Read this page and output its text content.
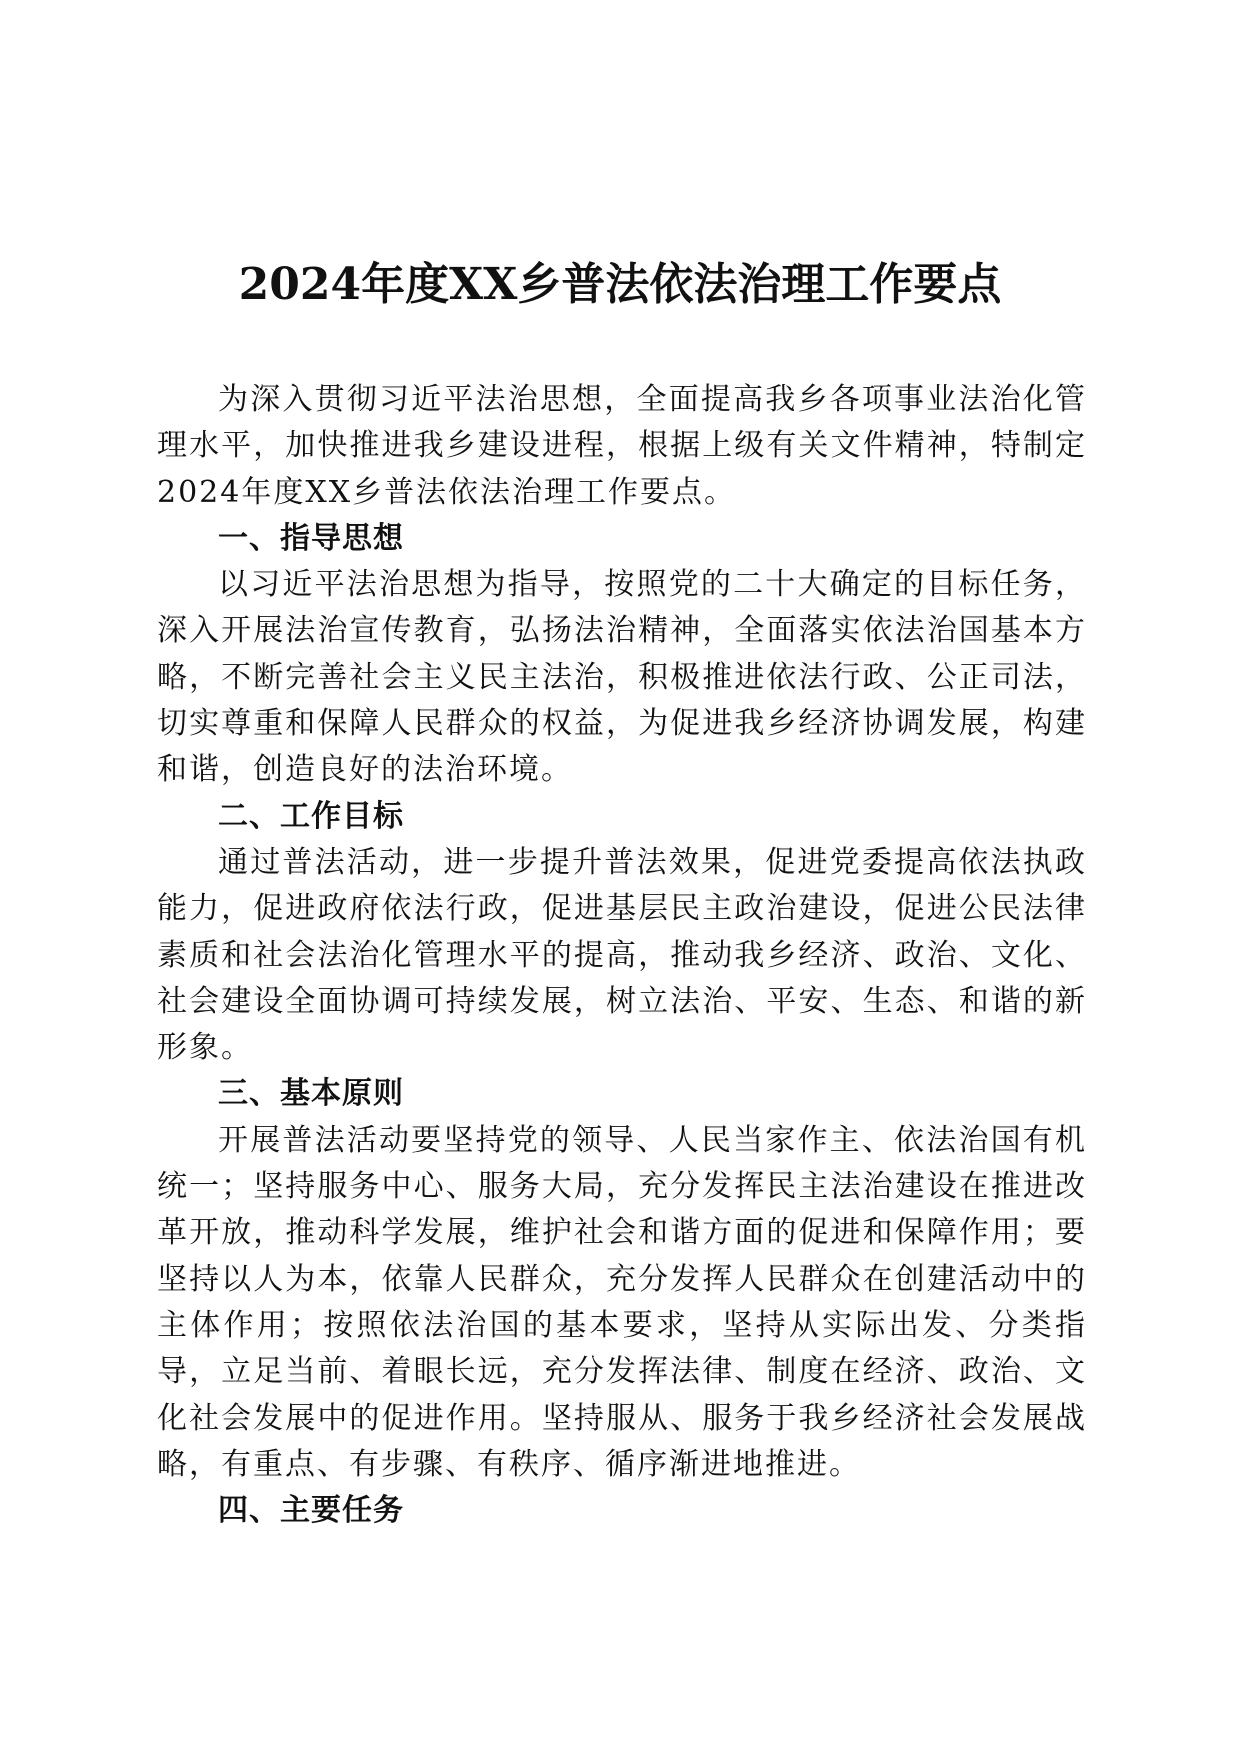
2024年度XX乡普法依法治理工作要点

为深入贯彻习近平法治思想，全面提高我乡各项事业法治化管理水平，加快推进我乡建设进程，根据上级有关文件精神，特制定2024年度XX乡普法依法治理工作要点。

一、指导思想

以习近平法治思想为指导，按照党的二十大确定的目标任务，深入开展法治宣传教育，弘扬法治精神，全面落实依法治国基本方略，不断完善社会主义民主法治，积极推进依法行政、公正司法，切实尊重和保障人民群众的权益，为促进我乡经济协调发展，构建和谐，创造良好的法治环境。

二、工作目标

通过普法活动，进一步提升普法效果，促进党委提高依法执政能力，促进政府依法行政，促进基层民主政治建设，促进公民法律素质和社会法治化管理水平的提高，推动我乡经济、政治、文化、社会建设全面协调可持续发展，树立法治、平安、生态、和谐的新形象。

三、基本原则

开展普法活动要坚持党的领导、人民当家作主、依法治国有机统一；坚持服务中心、服务大局，充分发挥民主法治建设在推进改革开放，推动科学发展，维护社会和谐方面的促进和保障作用；要坚持以人为本，依靠人民群众，充分发挥人民群众在创建活动中的主体作用；按照依法治国的基本要求，坚持从实际出发、分类指导，立足当前、着眼长远，充分发挥法律、制度在经济、政治、文化社会发展中的促进作用。坚持服从、服务于我乡经济社会发展战略，有重点、有步骤、有秩序、循序渐进地推进。

四、主要任务
